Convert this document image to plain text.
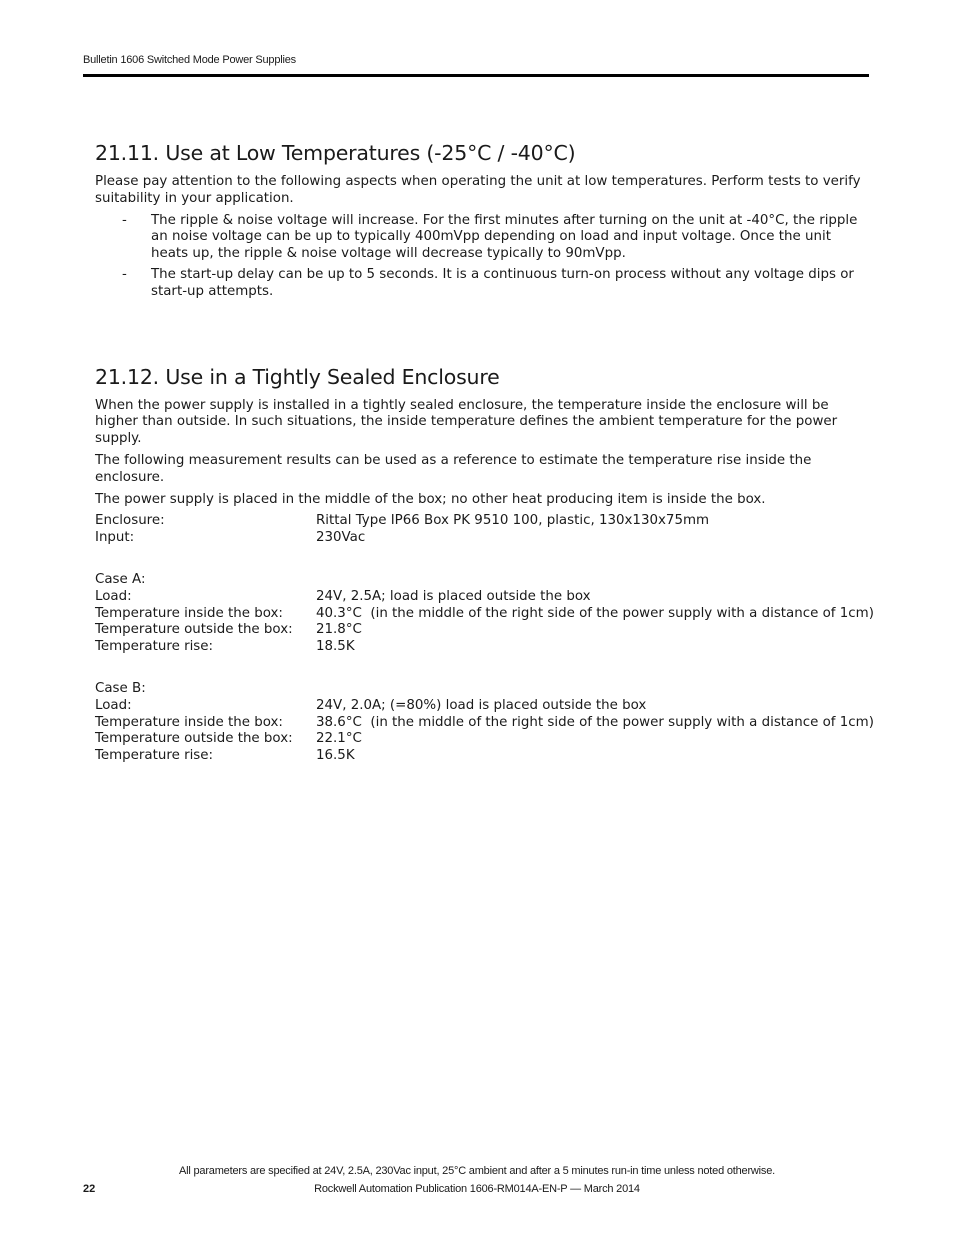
Bulletin 1606 Switched Mode Power Supplies
21.11. Use at Low Temperatures (-25°C / -40°C)

Please pay attention to the following aspects when operating the unit at low temperatures. Perform tests to verify suitability in your application.

- The ripple & noise voltage will increase. For the first minutes after turning on the unit at -40°C, the ripple an noise voltage can be up to typically 400mVpp depending on load and input voltage. Once the unit heats up, the ripple & noise voltage will decrease typically to 90mVpp.
- The start-up delay can be up to 5 seconds. It is a continuous turn-on process without any voltage dips or start-up attempts.
21.12. Use in a Tightly Sealed Enclosure

When the power supply is installed in a tightly sealed enclosure, the temperature inside the enclosure will be higher than outside. In such situations, the inside temperature defines the ambient temperature for the power supply.

The following measurement results can be used as a reference to estimate the temperature rise inside the enclosure.

The power supply is placed in the middle of the box; no other heat producing item is inside the box.

Enclosure:	Rittal Type IP66 Box PK 9510 100, plastic, 130x130x75mm
Input:	230Vac
Case A:
Load:	24V, 2.5A; load is placed outside the box
Temperature inside the box:	40.3°C  (in the middle of the right side of the power supply with a distance of 1cm)
Temperature outside the box:	21.8°C
Temperature rise:	18.5K
Case B:
Load:	24V, 2.0A; (=80%) load is placed outside the box
Temperature inside the box:	38.6°C  (in the middle of the right side of the power supply with a distance of 1cm)
Temperature outside the box:	22.1°C
Temperature rise:	16.5K
All parameters are specified at 24V, 2.5A, 230Vac input, 25°C ambient and after a 5 minutes run-in time unless noted otherwise.
22	Rockwell Automation Publication 1606-RM014A-EN-P — March 2014
